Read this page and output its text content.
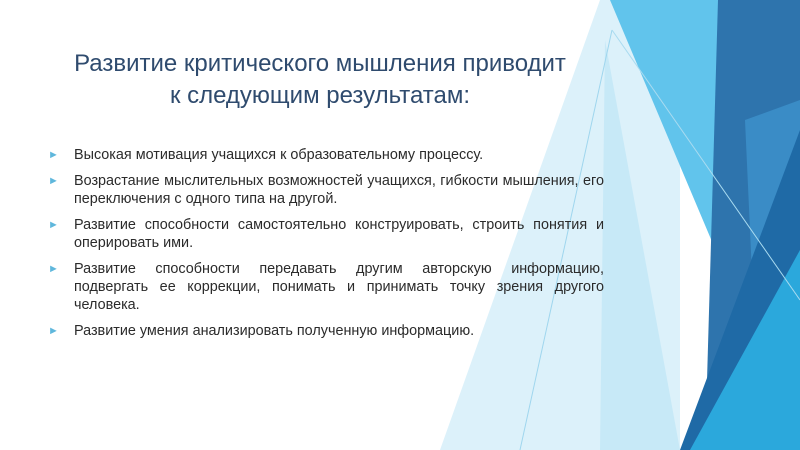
Развитие критического мышления приводит
к следующим результатам:
► Высокая мотивация учащихся к образовательному процессу.
► Возрастание мыслительных возможностей учащихся, гибкости мышления, его переключения с одного типа на другой.
► Развитие способности самостоятельно конструировать, строить понятия и оперировать ими.
► Развитие способности передавать другим авторскую информацию, подвергать ее коррекции, понимать и принимать точку зрения другого человека.
► Развитие умения анализировать полученную информацию.
